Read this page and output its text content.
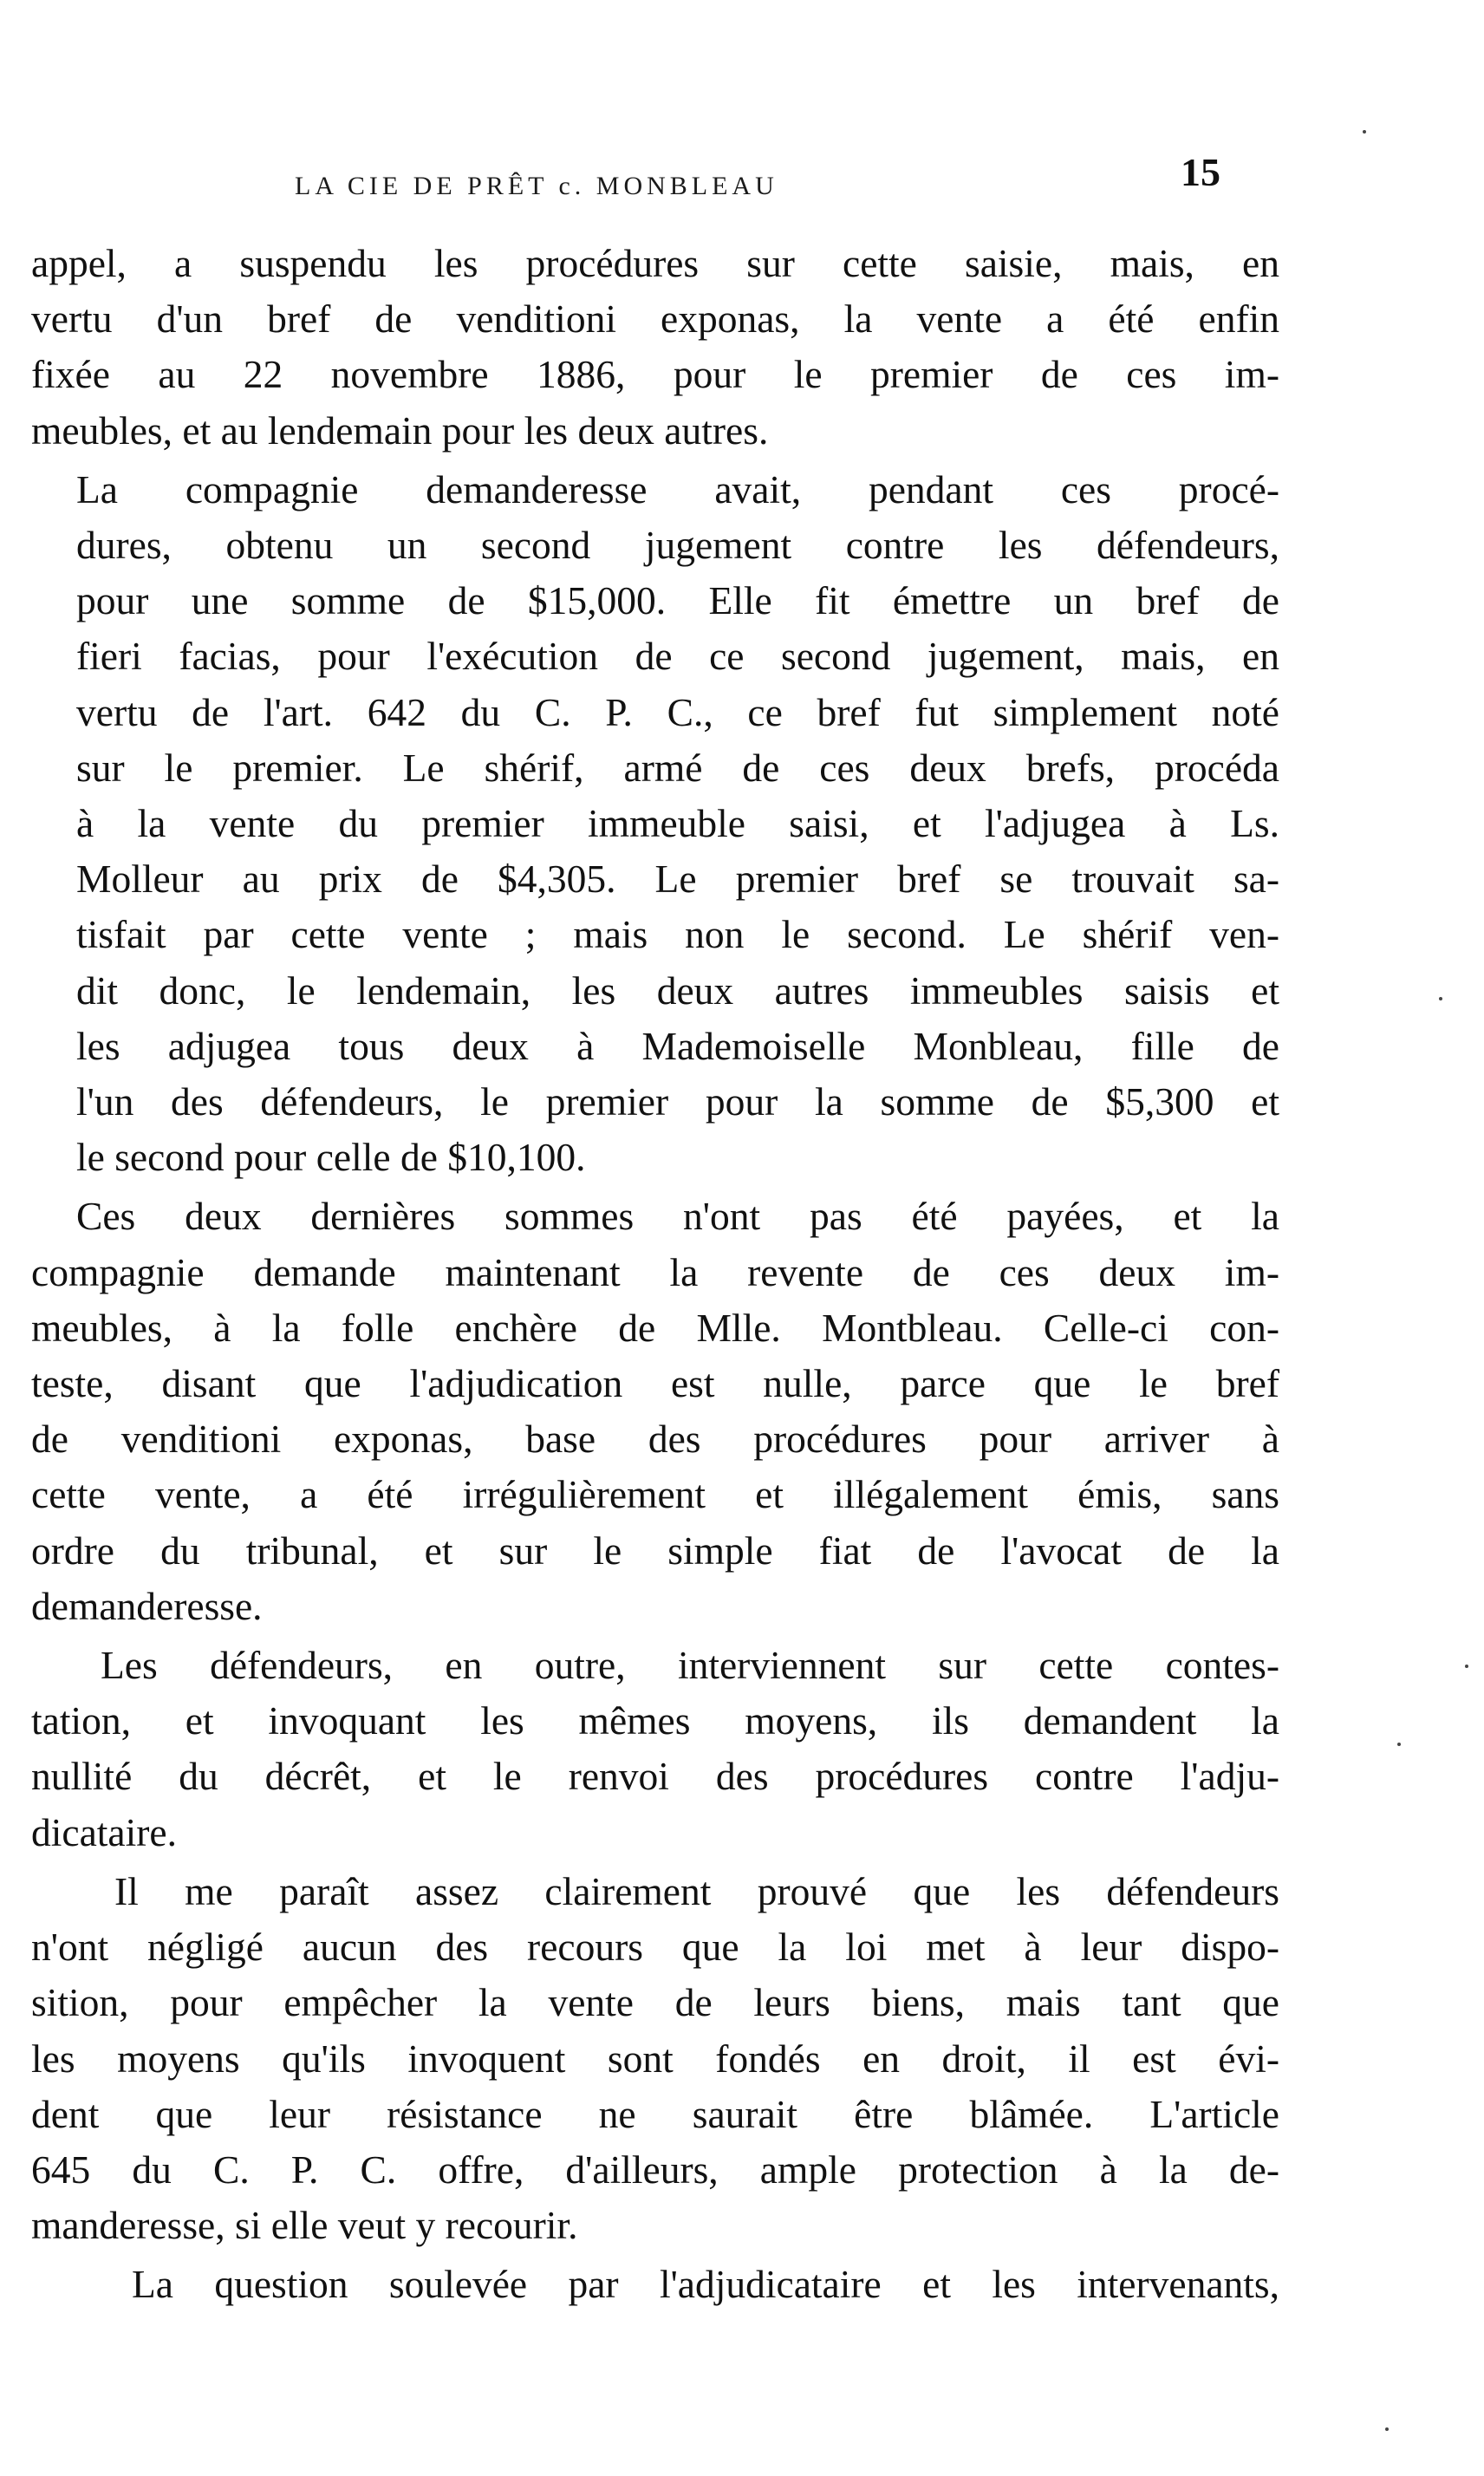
LA CIE DE PRÊT c. MONBLEAU	15

appel, a suspendu les procédures sur cette saisie, mais, en
vertu d'un bref de venditioni exponas, la vente a été enfin
fixée au 22 novembre 1886, pour le premier de ces im-
meubles, et au lendemain pour les deux autres.

La compagnie demanderesse avait, pendant ces procé-
dures, obtenu un second jugement contre les défendeurs,
pour une somme de $15,000. Elle fit émettre un bref de
fieri facias, pour l'exécution de ce second jugement, mais, en
vertu de l'art. 642 du C. P. C., ce bref fut simplement noté
sur le premier. Le shérif, armé de ces deux brefs, procéda
à la vente du premier immeuble saisi, et l'adjugea à Ls.
Molleur au prix de $4,305. Le premier bref se trouvait sa-
tisfait par cette vente ; mais non le second. Le shérif ven-
dit donc, le lendemain, les deux autres immeubles saisis et
les adjugea tous deux à Mademoiselle Monbleau, fille de
l'un des défendeurs, le premier pour la somme de $5,300 et
le second pour celle de $10,100.

Ces deux dernières sommes n'ont pas été payées, et la
compagnie demande maintenant la revente de ces deux im-
meubles, à la folle enchère de Mlle. Montbleau. Celle-ci con-
teste, disant que l'adjudication est nulle, parce que le bref
de venditioni exponas, base des procédures pour arriver à
cette vente, a été irrégulièrement et illégalement émis, sans
ordre du tribunal, et sur le simple fiat de l'avocat de la
demanderesse.

Les défendeurs, en outre, interviennent sur cette contes-
tation, et invoquant les mêmes moyens, ils demandent la
nullité du décrêt, et le renvoi des procédures contre l'adju-
dicataire.

Il me paraît assez clairement prouvé que les défendeurs
n'ont négligé aucun des recours que la loi met à leur dispo-
sition, pour empêcher la vente de leurs biens, mais tant que
les moyens qu'ils invoquent sont fondés en droit, il est évi-
dent que leur résistance ne saurait être blâmée. L'article
645 du C. P. C. offre, d'ailleurs, ample protection à la de-
manderesse, si elle veut y recourir.

La question soulevée par l'adjudicataire et les intervenants,
